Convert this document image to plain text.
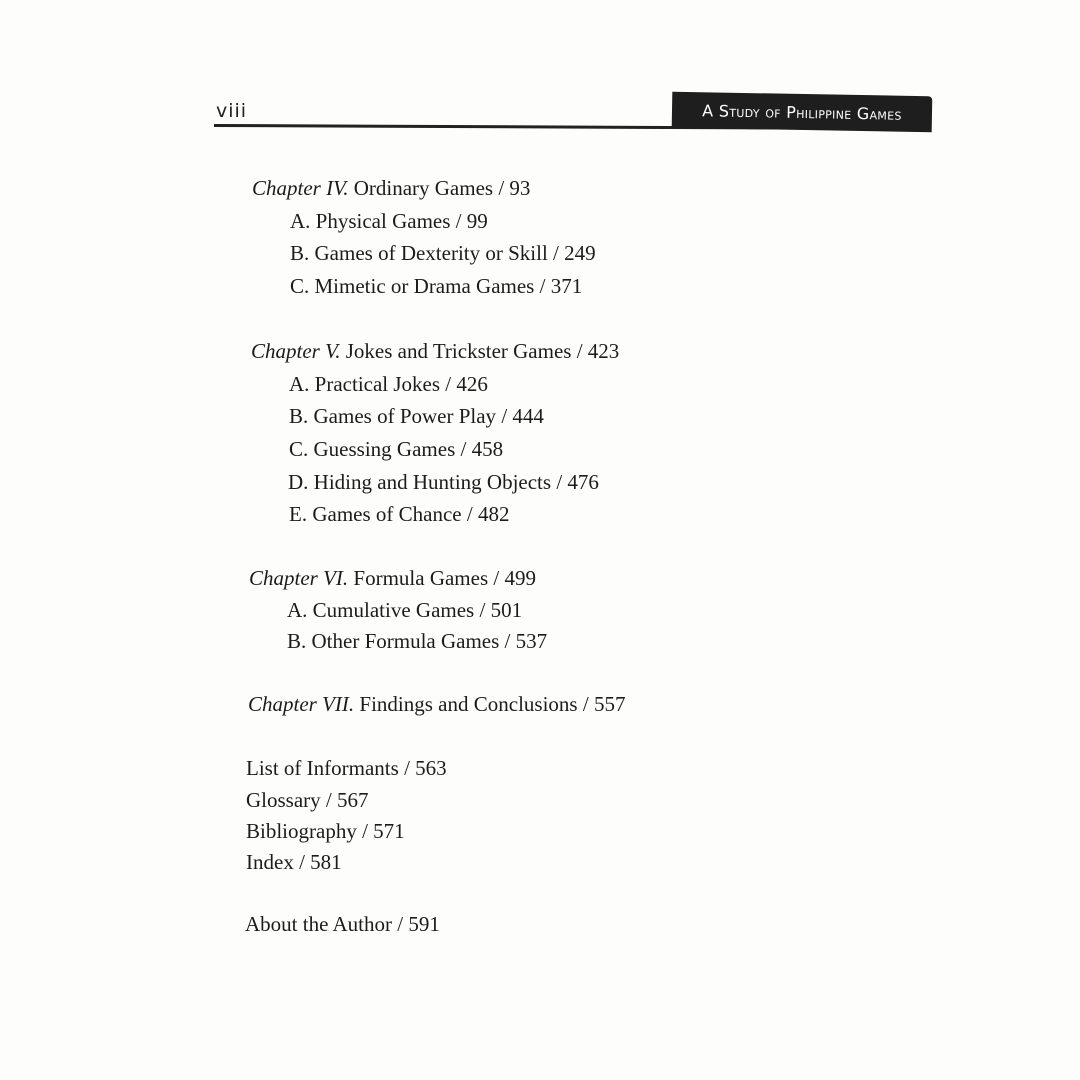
viii	A Study of Philippine Games
Chapter IV. Ordinary Games / 93
A. Physical Games / 99
B. Games of Dexterity or Skill / 249
C. Mimetic or Drama Games / 371
Chapter V. Jokes and Trickster Games / 423
A. Practical Jokes / 426
B. Games of Power Play / 444
C. Guessing Games / 458
D. Hiding and Hunting Objects / 476
E. Games of Chance / 482
Chapter VI. Formula Games / 499
A. Cumulative Games / 501
B. Other Formula Games / 537
Chapter VII. Findings and Conclusions / 557
List of Informants / 563
Glossary / 567
Bibliography / 571
Index / 581
About the Author / 591
